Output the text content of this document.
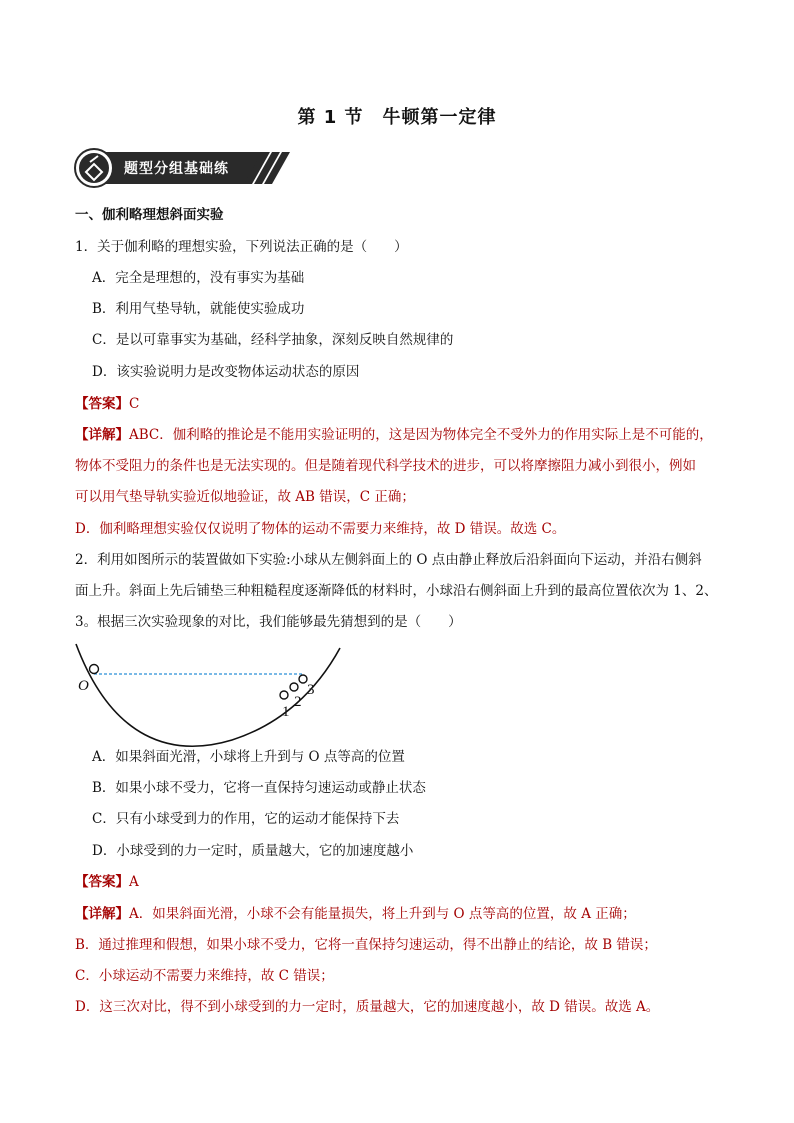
第 1 节　牛顿第一定律
题型分组基础练
一、伽利略理想斜面实验
1．关于伽利略的理想实验，下列说法正确的是（　　）
A．完全是理想的，没有事实为基础
B．利用气垫导轨，就能使实验成功
C．是以可靠事实为基础，经科学抽象，深刻反映自然规律的
D．该实验说明力是改变物体运动状态的原因
【答案】C
【详解】ABC．伽利略的推论是不能用实验证明的，这是因为物体完全不受外力的作用实际上是不可能的，
物体不受阻力的条件也是无法实现的。但是随着现代科学技术的进步，可以将摩擦阻力减小到很小，例如
可以用气垫导轨实验近似地验证，故 AB 错误，C 正确；
D．伽利略理想实验仅仅说明了物体的运动不需要力来维持，故 D 错误。故选 C。
2．利用如图所示的装置做如下实验:小球从左侧斜面上的 O 点由静止释放后沿斜面向下运动，并沿右侧斜
面上升。斜面上先后铺垫三种粗糙程度逐渐降低的材料时，小球沿右侧斜面上升到的最高位置依次为 1、2、
3。根据三次实验现象的对比，我们能够最先猜想到的是（　　）
O
1
2
3
A．如果斜面光滑，小球将上升到与 O 点等高的位置
B．如果小球不受力，它将一直保持匀速运动或静止状态
C．只有小球受到力的作用，它的运动才能保持下去
D．小球受到的力一定时，质量越大，它的加速度越小
【答案】A
【详解】A．如果斜面光滑，小球不会有能量损失，将上升到与 O 点等高的位置，故 A 正确；
B．通过推理和假想，如果小球不受力，它将一直保持匀速运动，得不出静止的结论，故 B 错误；
C．小球运动不需要力来维持，故 C 错误；
D．这三次对比，得不到小球受到的力一定时，质量越大，它的加速度越小，故 D 错误。故选 A。
